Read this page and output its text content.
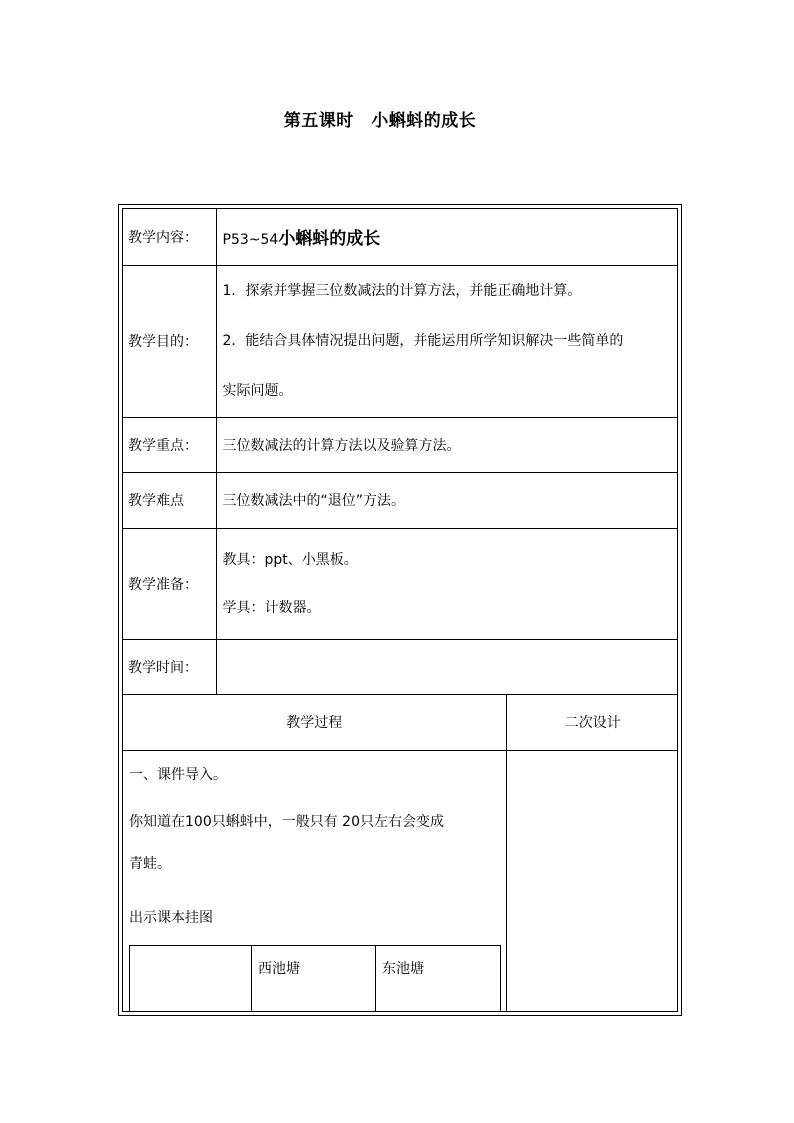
第五课时　小蝌蚪的成长
教学内容：	P53~54小蝌蚪的成长
教学目的：	

1．探索并掌握三位数减法的计算方法，并能正确地计算。

2．能结合具体情况提出问题，并能运用所学知识解决一些简单的

实际问题。

教学重点：	三位数减法的计算方法以及验算方法。
教学难点	三位数减法中的“退位”方法。
教学准备：	

教具：ppt、小黑板。

学具：计数器。

教学时间：	
教学过程	二次设计

一、课件导入。

你知道在100只蝌蚪中，一般只有 20只左右会变成

青蛙。

出示课本挂图

	西池塘	东池塘
